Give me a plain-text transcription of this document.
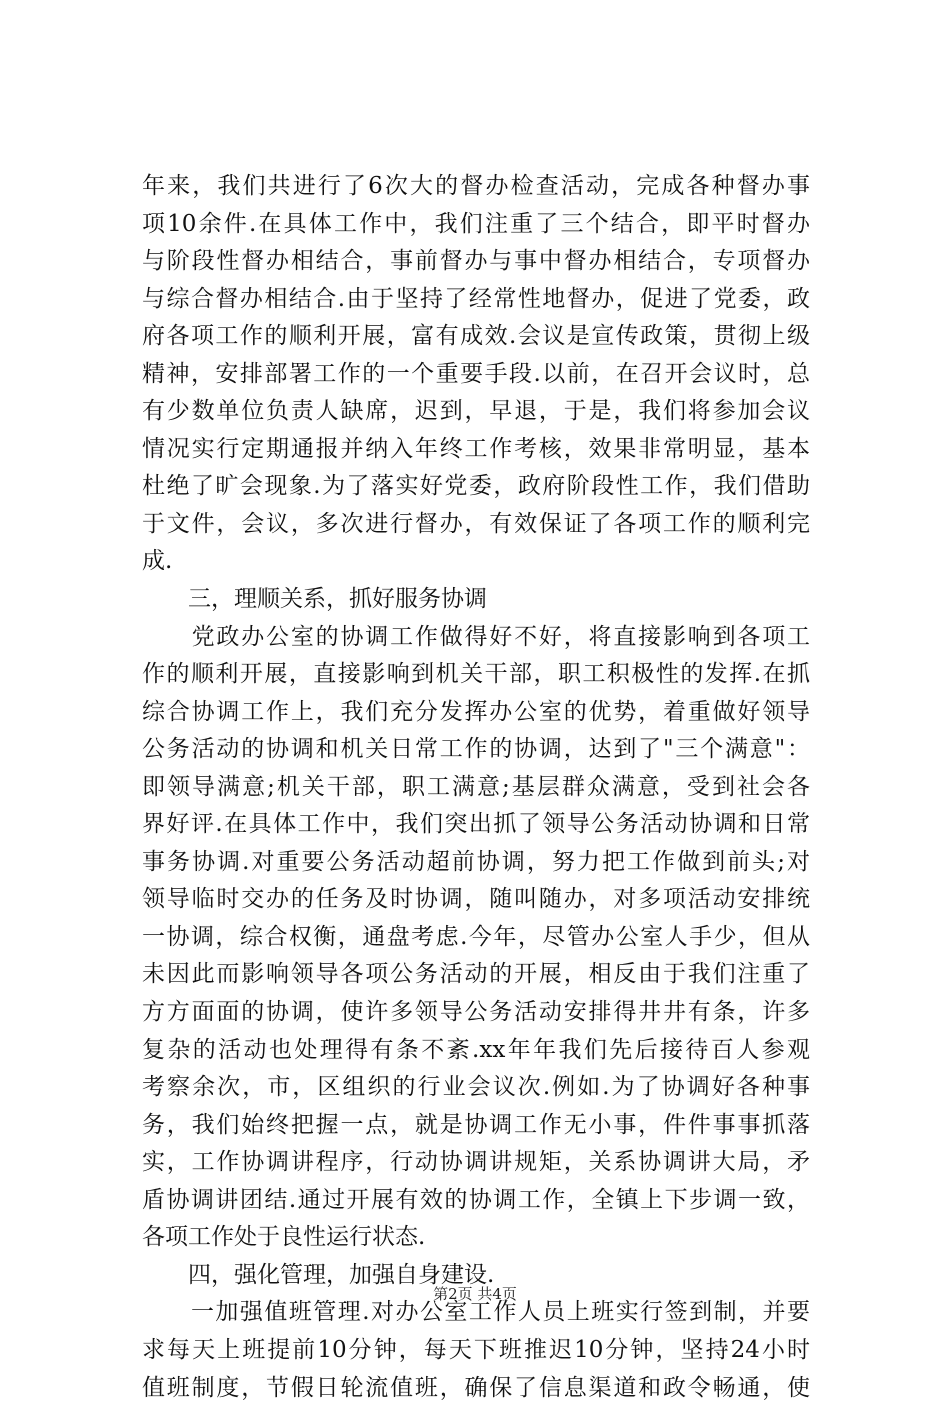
年来，我们共进行了6次大的督办检查活动，完成各种督办事
项10余件.在具体工作中，我们注重了三个结合，即平时督办
与阶段性督办相结合，事前督办与事中督办相结合，专项督办
与综合督办相结合.由于坚持了经常性地督办，促进了党委，政
府各项工作的顺利开展，富有成效.会议是宣传政策，贯彻上级
精神，安排部署工作的一个重要手段.以前，在召开会议时，总
有少数单位负责人缺席，迟到，早退，于是，我们将参加会议
情况实行定期通报并纳入年终工作考核，效果非常明显，基本
杜绝了旷会现象.为了落实好党委，政府阶段性工作，我们借助
于文件，会议，多次进行督办，有效保证了各项工作的顺利完
成.
　　三，理顺关系，抓好服务协调
　　党政办公室的协调工作做得好不好，将直接影响到各项工
作的顺利开展，直接影响到机关干部，职工积极性的发挥.在抓
综合协调工作上，我们充分发挥办公室的优势，着重做好领导
公务活动的协调和机关日常工作的协调，达到了"三个满意"：
即领导满意;机关干部，职工满意;基层群众满意，受到社会各
界好评.在具体工作中，我们突出抓了领导公务活动协调和日常
事务协调.对重要公务活动超前协调，努力把工作做到前头;对
领导临时交办的任务及时协调，随叫随办，对多项活动安排统
一协调，综合权衡，通盘考虑.今年，尽管办公室人手少，但从
未因此而影响领导各项公务活动的开展，相反由于我们注重了
方方面面的协调，使许多领导公务活动安排得井井有条，许多
复杂的活动也处理得有条不紊.xx年年我们先后接待百人参观
考察余次，市，区组织的行业会议次.例如.为了协调好各种事
务，我们始终把握一点，就是协调工作无小事，件件事事抓落
实，工作协调讲程序，行动协调讲规矩，关系协调讲大局，矛
盾协调讲团结.通过开展有效的协调工作，全镇上下步调一致，
各项工作处于良性运行状态.
　　四，强化管理，加强自身建设.
　　一加强值班管理.对办公室工作人员上班实行签到制，并要
求每天上班提前10分钟，每天下班推迟10分钟，坚持24小时
值班制度，节假日轮流值班，确保了信息渠道和政令畅通，使
第2页 共4页
